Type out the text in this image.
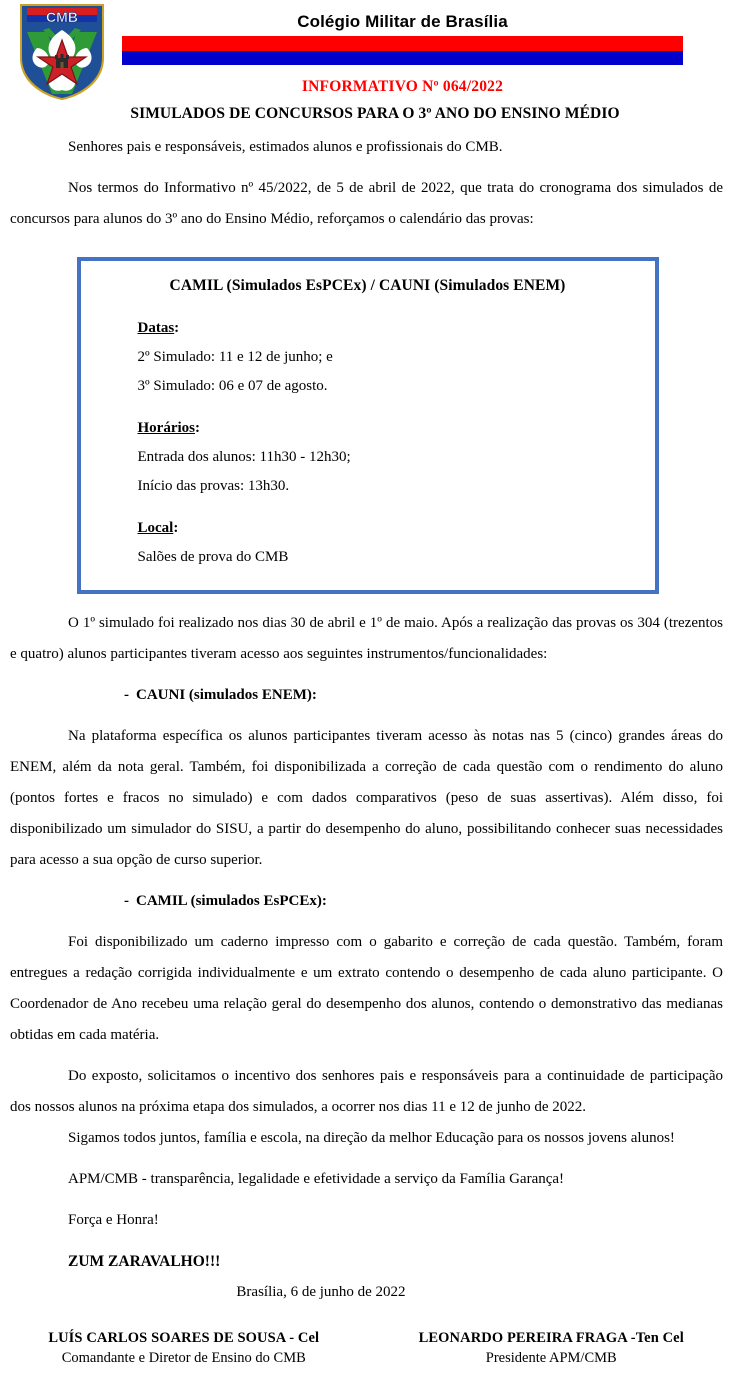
CMB	Colégio Militar de Brasília
INFORMATIVO Nº 064/2022
SIMULADOS DE CONCURSOS PARA O 3º ANO DO ENSINO MÉDIO

Senhores pais e responsáveis, estimados alunos e profissionais do CMB.

Nos termos do Informativo nº 45/2022, de 5 de abril de 2022, que trata do cronograma dos simulados de concursos para alunos do 3º ano do Ensino Médio, reforçamos o calendário das provas:

CAMIL (Simulados EsPCEx) / CAUNI (Simulados ENEM)
Datas:
2º Simulado: 11 e 12 de junho; e
3º Simulado: 06 e 07 de agosto.
Horários:
Entrada dos alunos: 11h30 - 12h30;
Início das provas: 13h30.
Local:
Salões de prova do CMB

O 1º simulado foi realizado nos dias 30 de abril e 1º de maio. Após a realização das provas os 304 (trezentos e quatro) alunos participantes tiveram acesso aos seguintes instrumentos/funcionalidades:

- CAUNI (simulados ENEM):

Na plataforma específica os alunos participantes tiveram acesso às notas nas 5 (cinco) grandes áreas do ENEM, além da nota geral. Também, foi disponibilizada a correção de cada questão com o rendimento do aluno (pontos fortes e fracos no simulado) e com dados comparativos (peso de suas assertivas). Além disso, foi disponibilizado um simulador do SISU, a partir do desempenho do aluno, possibilitando conhecer suas necessidades para acesso a sua opção de curso superior.

- CAMIL (simulados EsPCEx):

Foi disponibilizado um caderno impresso com o gabarito e correção de cada questão. Também, foram entregues a redação corrigida individualmente e um extrato contendo o desempenho de cada aluno participante. O Coordenador de Ano recebeu uma relação geral do desempenho dos alunos, contendo o demonstrativo das medianas obtidas em cada matéria.

Do exposto, solicitamos o incentivo dos senhores pais e responsáveis para a continuidade de participação dos nossos alunos na próxima etapa dos simulados, a ocorrer nos dias 11 e 12 de junho de 2022.

Sigamos todos juntos, família e escola, na direção da melhor Educação para os nossos jovens alunos!

APM/CMB - transparência, legalidade e efetividade a serviço da Família Garança!

Força e Honra!

ZUM ZARAVALHO!!!

Brasília, 6 de junho de 2022

LUÍS CARLOS SOARES DE SOUSA - Cel
Comandante e Diretor de Ensino do CMB
LEONARDO PEREIRA FRAGA -Ten Cel
Presidente APM/CMB
